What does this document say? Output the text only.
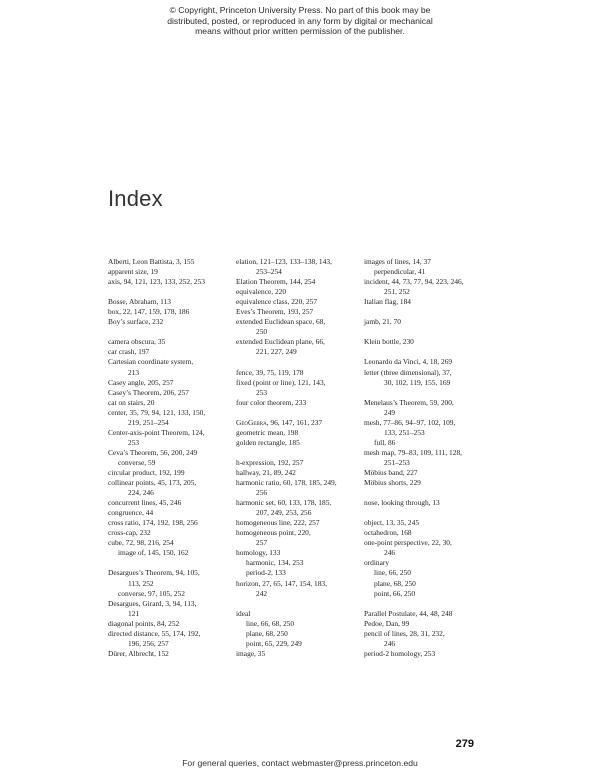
© Copyright, Princeton University Press. No part of this book may be
distributed, posted, or reproduced in any form by digital or mechanical
means without prior written permission of the publisher.
Index
Alberti, Leon Battista, 3, 155
apparent size, 19
axis, 94, 121, 123, 133, 252, 253
Bosse, Abraham, 113
box, 22, 147, 159, 178, 186
Boy’s surface, 232
camera obscura, 35
car crash, 197
Cartesian coordinate system,
213
Casey angle, 205, 257
Casey’s Theorem, 206, 257
cat on stairs, 20
center, 35, 79, 94, 121, 133, 150,
219, 251–254
Center-axis-point Theorem, 124,
253
Ceva’s Theorem, 56, 200, 249
converse, 59
circular product, 192, 199
collinear points, 45, 173, 205,
224, 246
concurrent lines, 45, 246
congruence, 44
cross ratio, 174, 192, 198, 256
cross-cap, 232
cube, 72, 98, 216, 254
image of, 145, 150, 162
Desargues’s Theorem, 94, 105,
113, 252
converse, 97, 105, 252
Desargues, Girard, 3, 94, 113,
121
diagonal points, 84, 252
directed distance, 55, 174, 192,
196, 256, 257
Dürer, Albrecht, 152
elation, 121–123, 133–138, 143,
253–254
Elation Theorem, 144, 254
equivalence, 220
equivalence class, 220, 257
Eves’s Theorem, 193, 257
extended Euclidean space, 68,
250
extended Euclidean plane, 66,
221, 227, 249
fence, 39, 75, 119, 178
fixed (point or line), 121, 143,
253
four color theorem, 233
GeoGebra, 96, 147, 161, 237
geometric mean, 198
golden rectangle, 185
h-expression, 192, 257
hallway, 21, 89, 242
harmonic ratio, 60, 178, 185, 249,
256
harmonic set, 60, 133, 178, 185,
207, 249, 253, 256
homogeneous line, 222, 257
homogeneous point, 220,
257
homology, 133
harmonic, 134, 253
period-2, 133
horizon, 27, 65, 147, 154, 183,
242
ideal
line, 66, 68, 250
plane, 68, 250
point, 65, 229, 249
image, 35
images of lines, 14, 37
perpendicular, 41
incident, 44, 73, 77, 94, 223, 246,
251, 252
Italian flag, 184
jamb, 21, 70
Klein bottle, 230
Leonardo da Vinci, 4, 18, 269
letter (three dimensional), 37,
30, 102, 119, 155, 169
Menelaus’s Theorem, 59, 200,
249
mesh, 77–86, 94–97, 102, 109,
133, 251–253
full, 86
mesh map, 79–83, 109, 111, 128,
251–253
Möbius band, 227
Möbius shorts, 229
nose, looking through, 13
object, 13, 35, 245
octahedron, 168
one-point perspective, 22, 30,
246
ordinary
line, 66, 250
plane, 68, 250
point, 66, 250
Parallel Postulate, 44, 48, 248
Pedoe, Dan, 99
pencil of lines, 28, 31, 232,
246
period-2 homology, 253
279
For general queries, contact webmaster@press.princeton.edu
